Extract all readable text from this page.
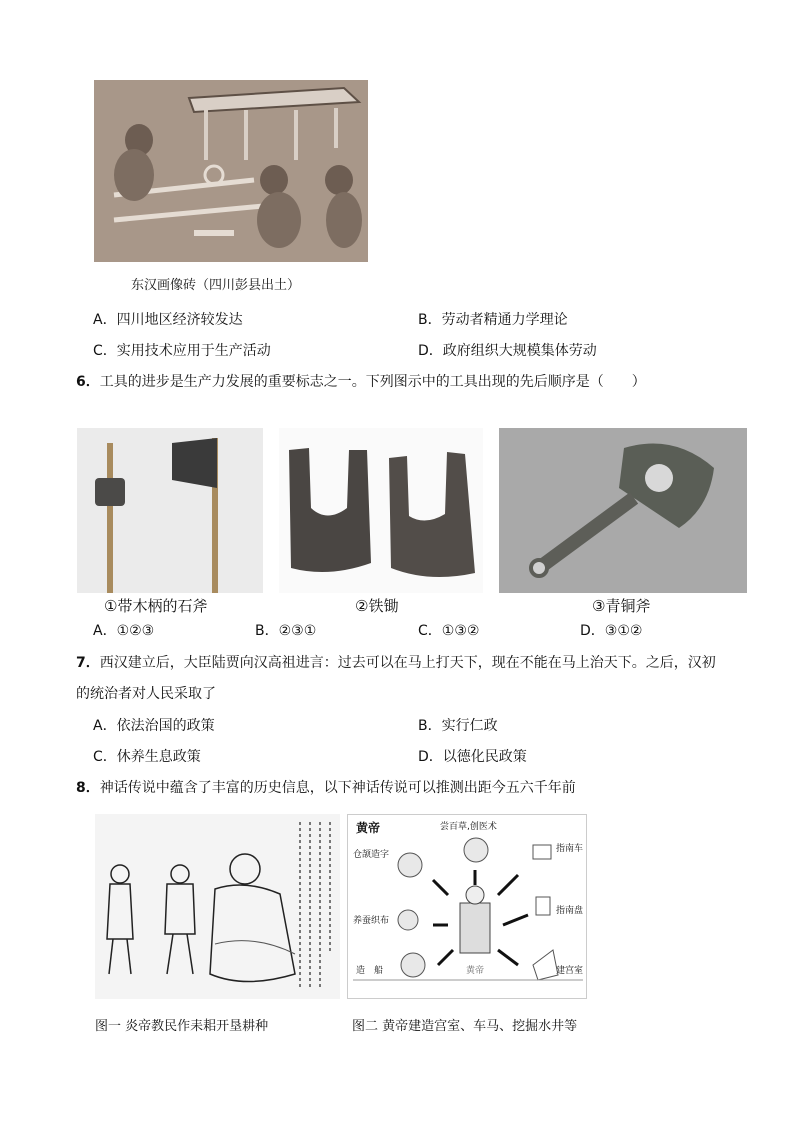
东汉画像砖（四川彭县出土）
A．四川地区经济较发达	B．劳动者精通力学理论
C．实用技术应用于生产活动	D．政府组织大规模集体劳动
6．工具的进步是生产力发展的重要标志之一。下列图示中的工具出现的先后顺序是（　　）
①带木柄的石斧	②铁锄	③青铜斧
A．①②③	B．②③①	C．①③②	D．③①②
7．西汉建立后，大臣陆贾向汉高祖进言：过去可以在马上打天下，现在不能在马上治天下。之后，汉初
的统治者对人民采取了
A．依法治国的政策	B．实行仁政
C．休养生息政策	D．以德化民政策
8．神话传说中蕴含了丰富的历史信息，以下神话传说可以推测出距今五六千年前
黄帝	尝百草,创医术
仓颉造字
养蚕织布
造　船	黄帝
指南车
指南盘
建宫室
图一 炎帝教民作耒耜开垦耕种	图二 黄帝建造宫室、车马、挖掘水井等
